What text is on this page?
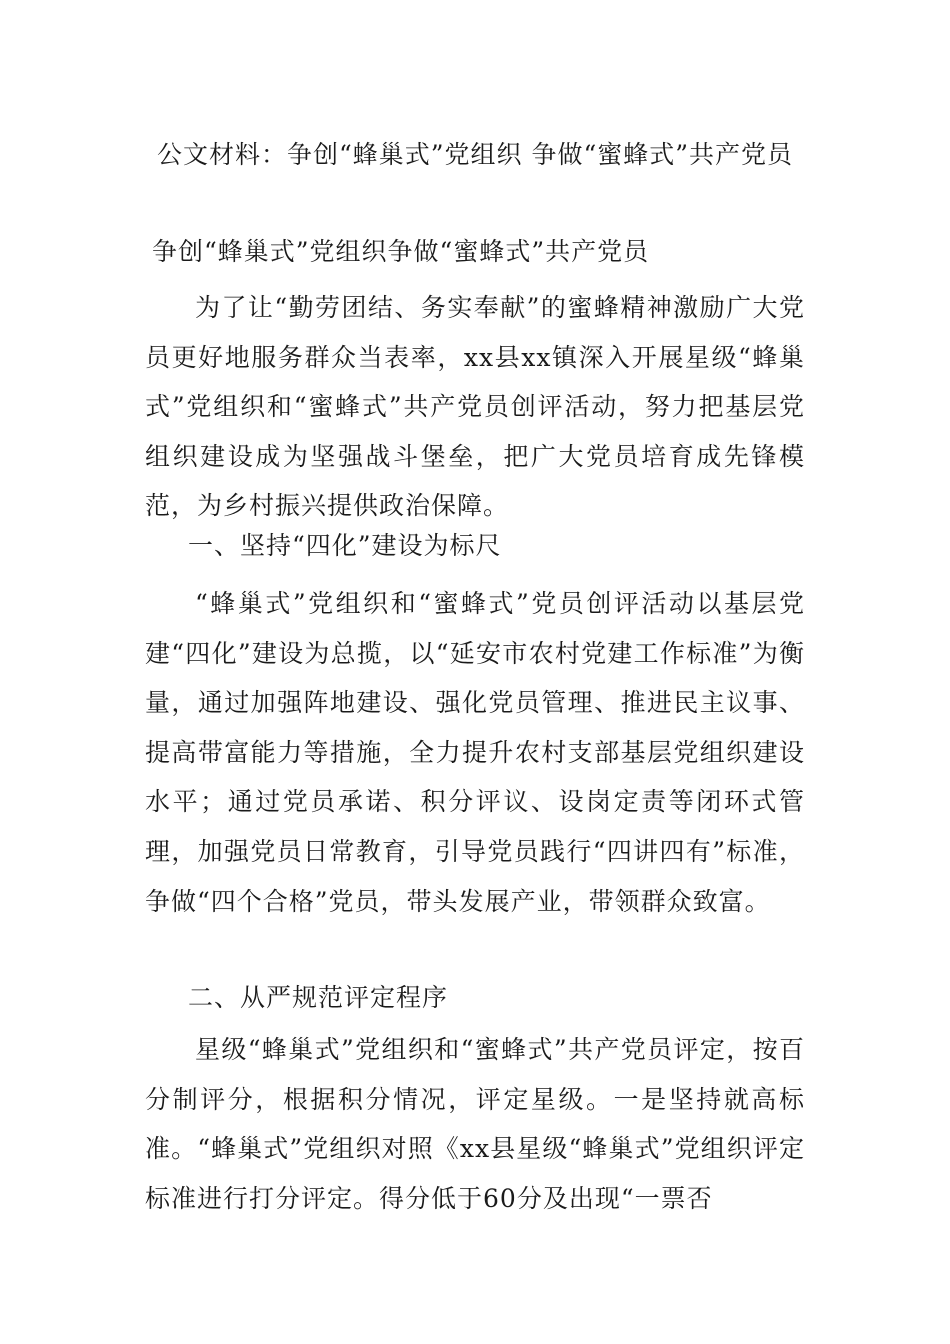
公文材料：争创“蜂巢式”党组织 争做“蜜蜂式”共产党员
争创“蜂巢式”党组织争做“蜜蜂式”共产党员

为了让“勤劳团结、务实奉献”的蜜蜂精神激励广大党员更好地服务群众当表率，xx县xx镇深入开展星级“蜂巢式”党组织和“蜜蜂式”共产党员创评活动，努力把基层党组织建设成为坚强战斗堡垒，把广大党员培育成先锋模范，为乡村振兴提供政治保障。

一、坚持“四化”建设为标尺

“蜂巢式”党组织和“蜜蜂式”党员创评活动以基层党建“四化”建设为总揽，以“延安市农村党建工作标准”为衡量，通过加强阵地建设、强化党员管理、推进民主议事、提高带富能力等措施，全力提升农村支部基层党组织建设水平；通过党员承诺、积分评议、设岗定责等闭环式管理，加强党员日常教育，引导党员践行“四讲四有”标准，争做“四个合格”党员，带头发展产业，带领群众致富。

二、从严规范评定程序

星级“蜂巢式”党组织和“蜜蜂式”共产党员评定，按百分制评分，根据积分情况，评定星级。一是坚持就高标准。“蜂巢式”党组织对照《xx县星级“蜂巢式”党组织评定标准进行打分评定。得分低于60分及出现“一票否
